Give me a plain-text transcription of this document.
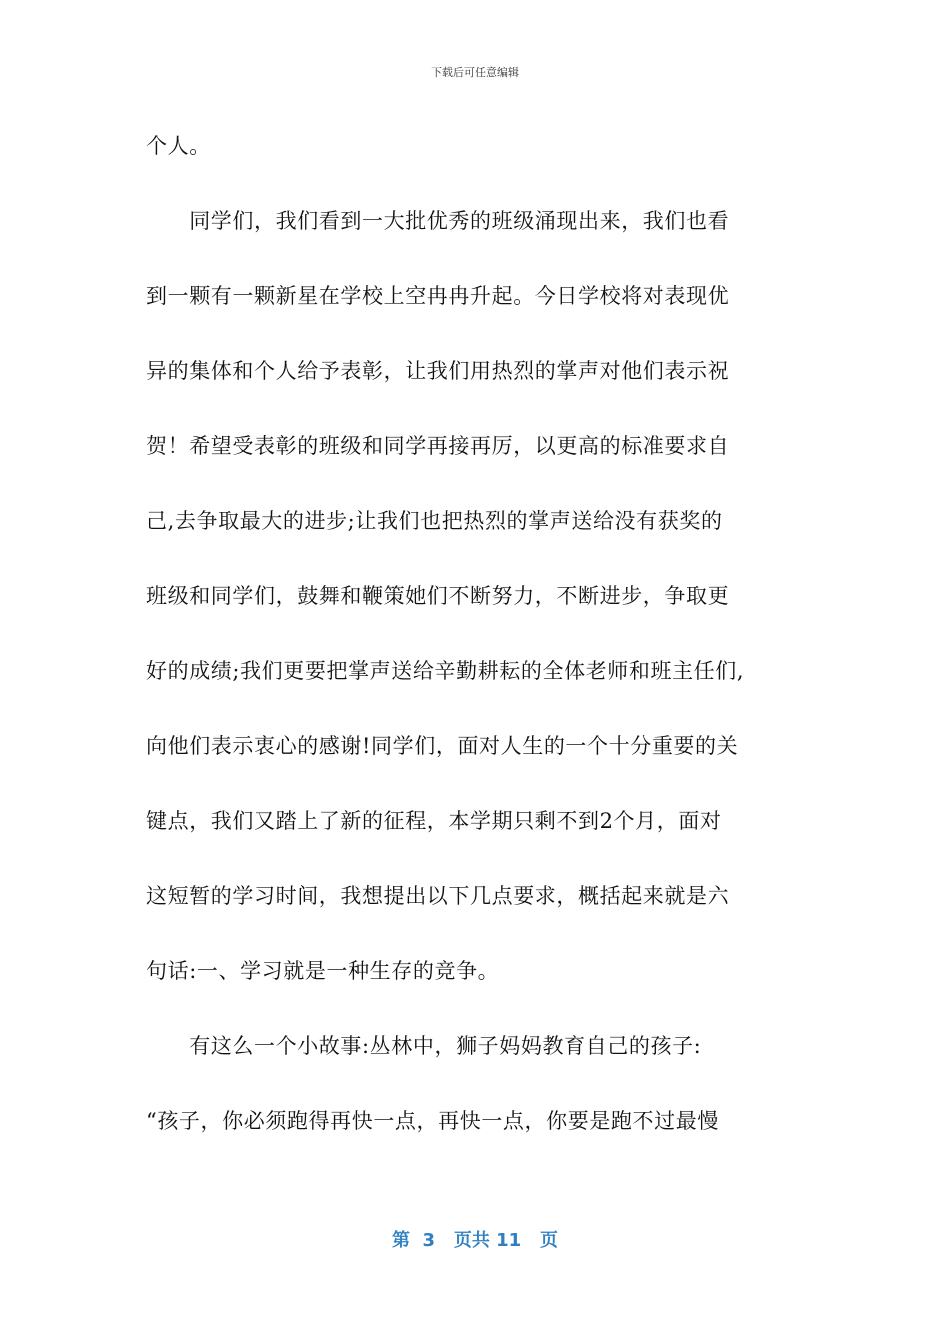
下载后可任意编辑
个人。
　　同学们，我们看到一大批优秀的班级涌现出来，我们也看
到一颗有一颗新星在学校上空冉冉升起。今日学校将对表现优
异的集体和个人给予表彰，让我们用热烈的掌声对他们表示祝
贺！希望受表彰的班级和同学再接再厉，以更高的标准要求自
己,去争取最大的进步;让我们也把热烈的掌声送给没有获奖的
班级和同学们，鼓舞和鞭策她们不断努力，不断进步，争取更
好的成绩;我们更要把掌声送给辛勤耕耘的全体老师和班主任们,
向他们表示衷心的感谢!同学们，面对人生的一个十分重要的关
键点，我们又踏上了新的征程，本学期只剩不到2个月，面对
这短暂的学习时间，我想提出以下几点要求，概括起来就是六
句话:一、学习就是一种生存的竞争。
　　有这么一个小故事:丛林中，狮子妈妈教育自己的孩子:
“孩子，你必须跑得再快一点，再快一点，你要是跑不过最慢
第  3   页共 11   页
